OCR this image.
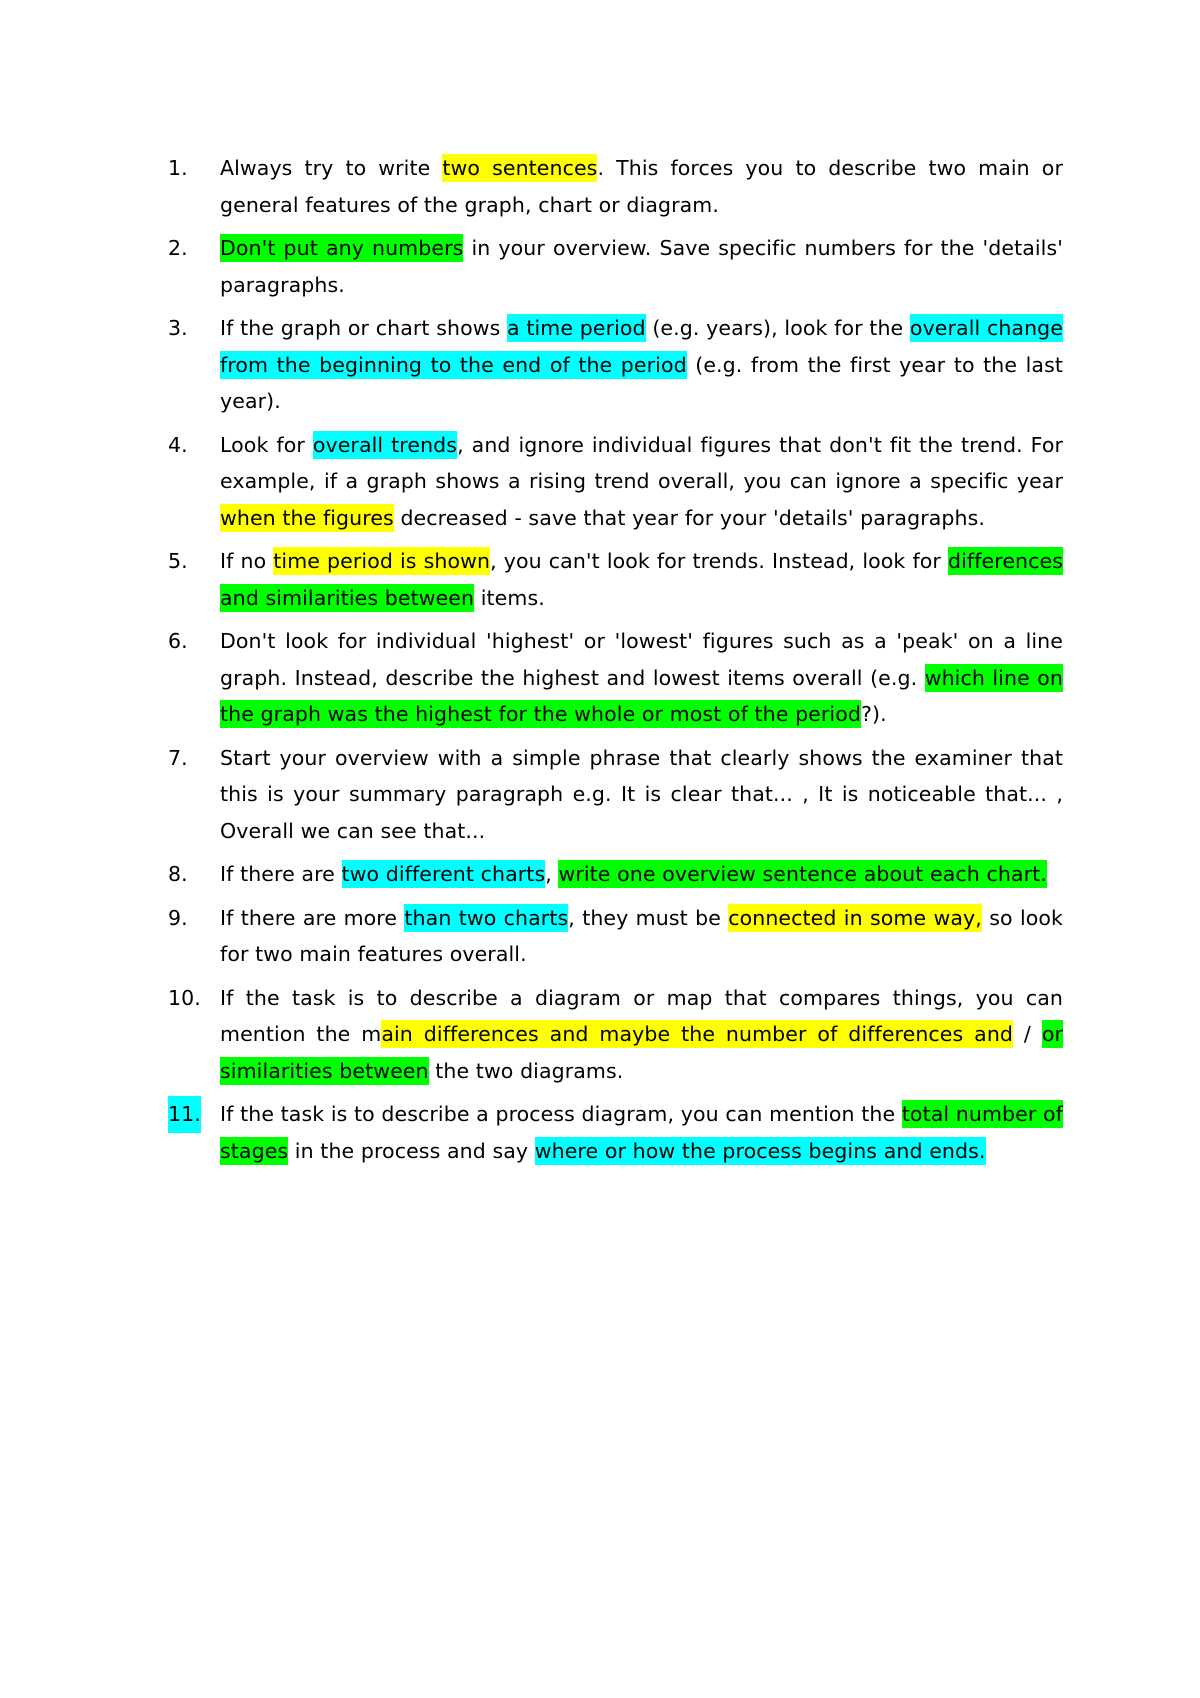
1. Always try to write two sentences. This forces you to describe two main or general features of the graph, chart or diagram.
2. Don't put any numbers in your overview. Save specific numbers for the 'details' paragraphs.
3. If the graph or chart shows a time period (e.g. years), look for the overall change from the beginning to the end of the period (e.g. from the first year to the last year).
4. Look for overall trends, and ignore individual figures that don't fit the trend. For example, if a graph shows a rising trend overall, you can ignore a specific year when the figures decreased - save that year for your 'details' paragraphs.
5. If no time period is shown, you can't look for trends. Instead, look for differences and similarities between items.
6. Don't look for individual 'highest' or 'lowest' figures such as a 'peak' on a line graph. Instead, describe the highest and lowest items overall (e.g. which line on the graph was the highest for the whole or most of the period?).
7. Start your overview with a simple phrase that clearly shows the examiner that this is your summary paragraph e.g. It is clear that... , It is noticeable that... , Overall we can see that...
8. If there are two different charts, write one overview sentence about each chart.
9. If there are more than two charts, they must be connected in some way, so look for two main features overall.
10. If the task is to describe a diagram or map that compares things, you can mention the main differences and maybe the number of differences and / or similarities between the two diagrams.
11. If the task is to describe a process diagram, you can mention the total number of stages in the process and say where or how the process begins and ends.
